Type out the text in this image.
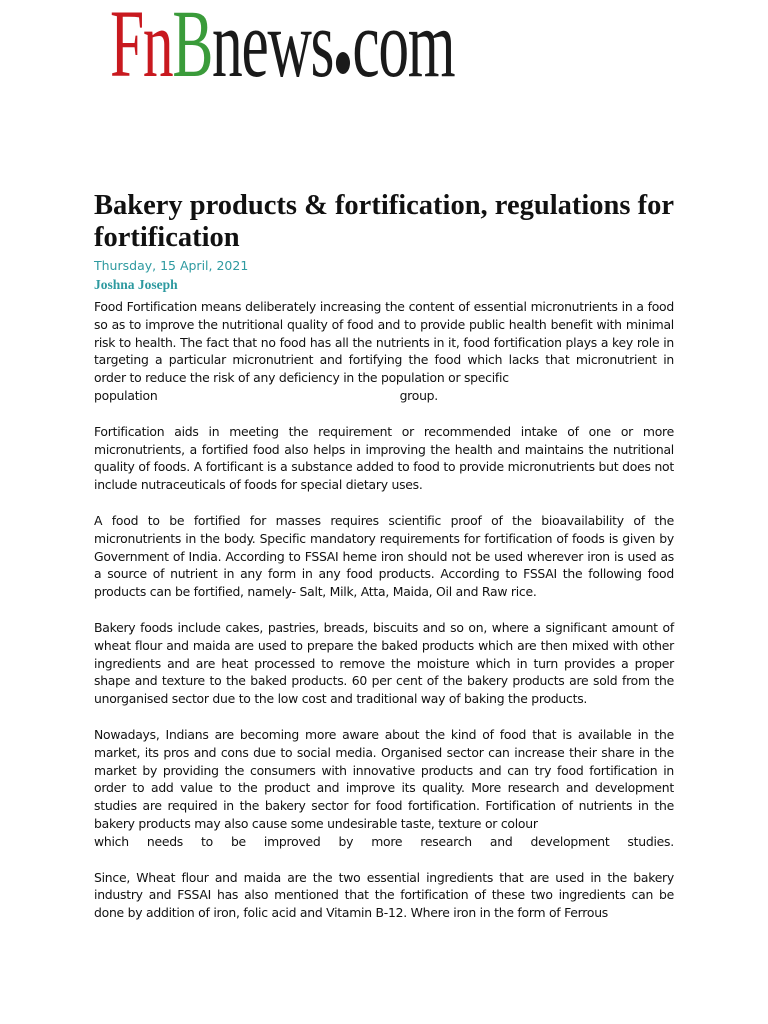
FnBnews com
Bakery products & fortification, regulations for fortification
Thursday, 15 April, 2021
Joshna Joseph

Food Fortification means deliberately increasing the content of essential micronutrients in a food so as to improve the nutritional quality of food and to provide public health benefit with minimal risk to health. The fact that no food has all the nutrients in it, food fortification plays a key role in targeting a particular micronutrient and fortifying the food which lacks that micronutrient in order to reduce the risk of any deficiency in the population or specific
population	group.

Fortification aids in meeting the requirement or recommended intake of one or more micronutrients, a fortified food also helps in improving the health and maintains the nutritional quality of foods. A fortificant is a substance added to food to provide micronutrients but does not include nutraceuticals of foods for special dietary uses.

A food to be fortified for masses requires scientific proof of the bioavailability of the micronutrients in the body. Specific mandatory requirements for fortification of foods is given by Government of India. According to FSSAI heme iron should not be used wherever iron is used as a source of nutrient in any form in any food products. According to FSSAI the following food products can be fortified, namely- Salt, Milk, Atta, Maida, Oil and Raw rice.

Bakery foods include cakes, pastries, breads, biscuits and so on, where a significant amount of wheat flour and maida are used to prepare the baked products which are then mixed with other ingredients and are heat processed to remove the moisture which in turn provides a proper shape and texture to the baked products. 60 per cent of the bakery products are sold from the unorganised sector due to the low cost and traditional way of baking the products.

Nowadays, Indians are becoming more aware about the kind of food that is available in the market, its pros and cons due to social media. Organised sector can increase their share in the market by providing the consumers with innovative products and can try food fortification in order to add value to the product and improve its quality. More research and development studies are required in the bakery sector for food fortification. Fortification of nutrients in the bakery products may also cause some undesirable taste, texture or colour
which needs to be improved by more research and development studies.

Since, Wheat flour and maida are the two essential ingredients that are used in the bakery industry and FSSAI has also mentioned that the fortification of these two ingredients can be done by addition of iron, folic acid and Vitamin B-12. Where iron in the form of Ferrous
